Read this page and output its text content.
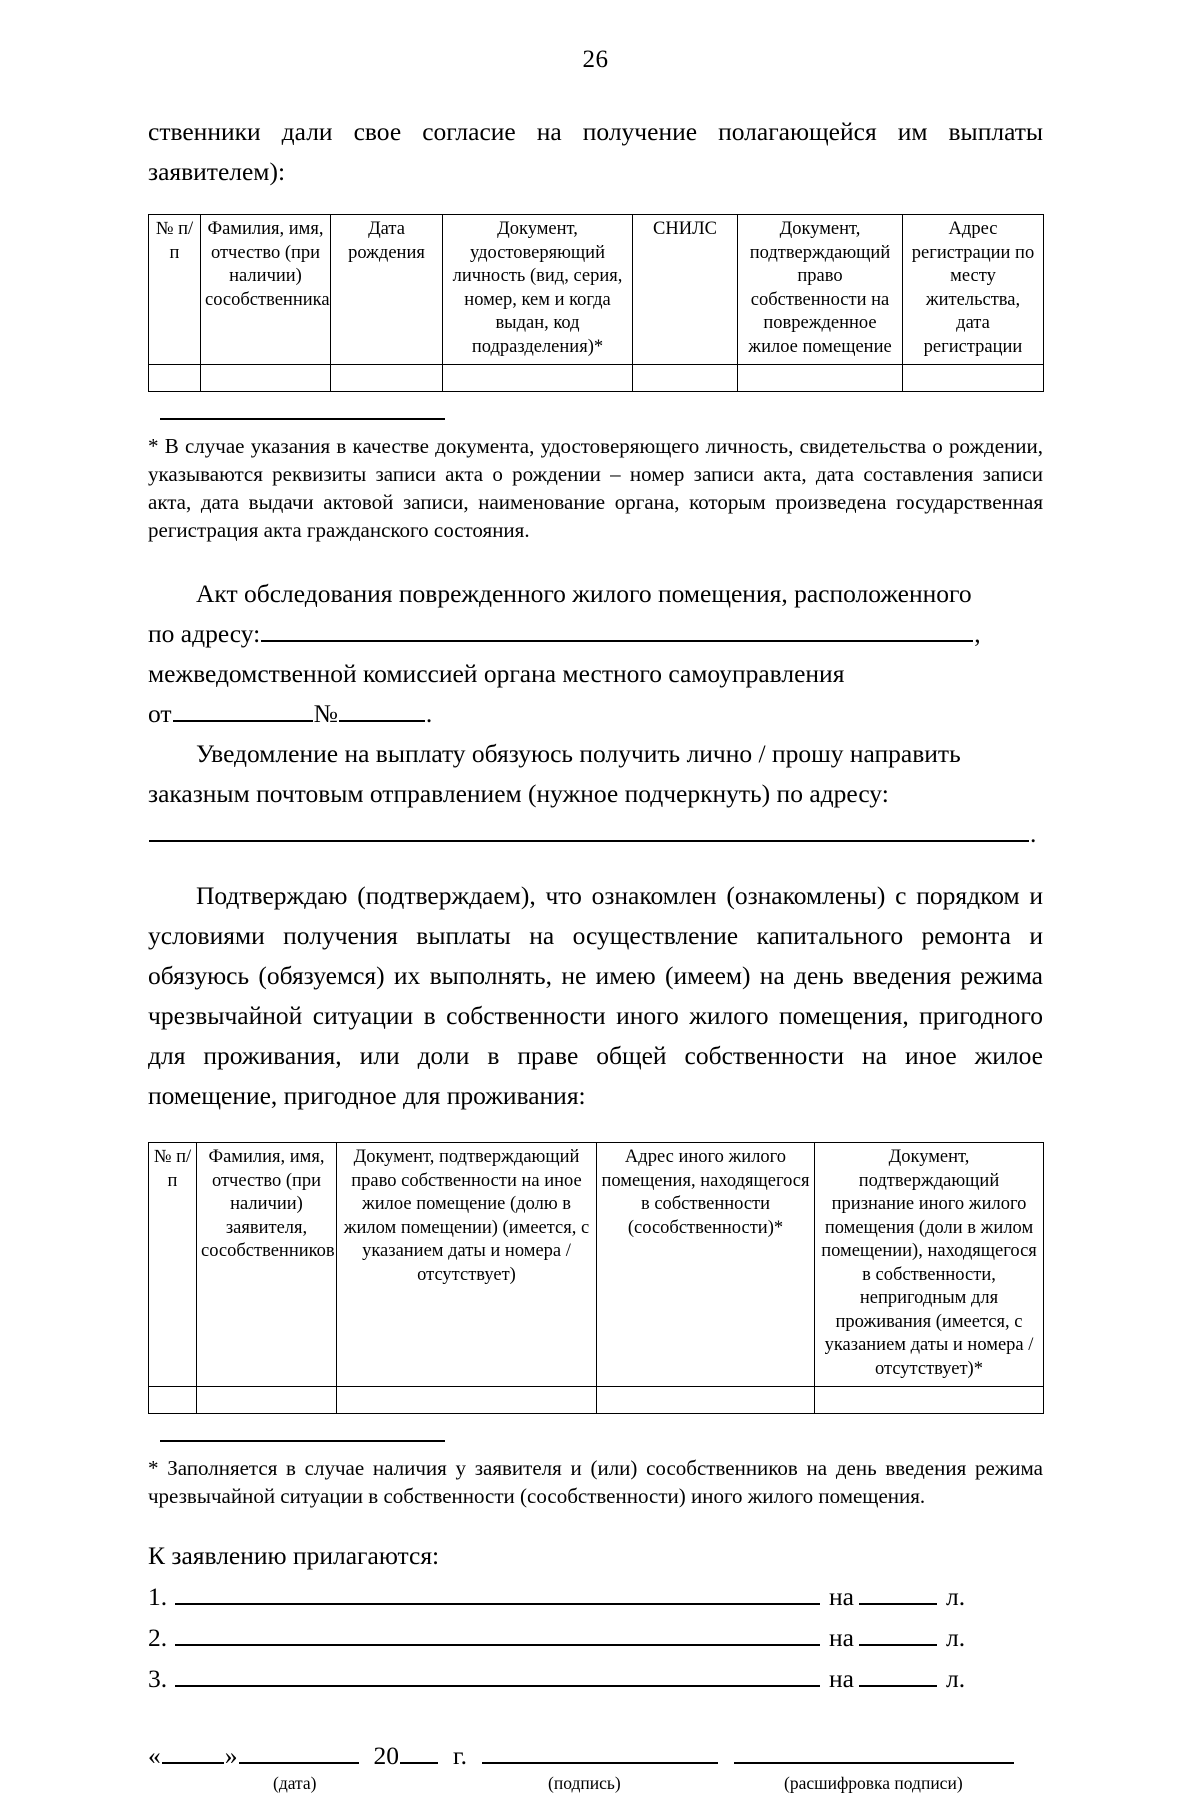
26

ственники дали свое согласие на получение полагающейся им выплаты заявителем):

№ п/п	Фамилия, имя, отчество (при наличии) сособственника	Дата рождения	Документ, удостоверяющий личность (вид, серия, номер, кем и когда выдан, код подразделения)*	СНИЛС	Документ, подтверждающий право собственности на поврежденное жилое помещение	Адрес регистрации по месту жительства, дата регистрации

* В случае указания в качестве документа, удостоверяющего личность, свидетельства о рождении, указываются реквизиты записи акта о рождении – номер записи акта, дата составления записи акта, дата выдачи актовой записи, наименование органа, которым произведена государственная регистрация акта гражданского состояния.

Акт обследования поврежденного жилого помещения, расположенного

по адресу:	,

межведомственной комиссией органа местного самоуправления

от	№	.

Уведомление на выплату обязуюсь получить лично / прошу направить

заказным почтовым отправлением (нужное подчеркнуть) по адресу:

.

Подтверждаю (подтверждаем), что ознакомлен (ознакомлены) с порядком и условиями получения выплаты на осуществление капитального ремонта и обязуюсь (обязуемся) их выполнять, не имею (имеем) на день введения режима чрезвычайной ситуации в собственности иного жилого помещения, пригодного для проживания, или доли в праве общей собственности на иное жилое помещение, пригодное для проживания:

№ п/п	Фамилия, имя, отчество (при наличии) заявителя, сособственников	Документ, подтверждающий право собственности на иное жилое помещение (долю в жилом помещении) (имеется, с указанием даты и номера / отсутствует)	Адрес иного жилого помещения, находящегося в собственности (сособственности)*	Документ, подтверждающий признание иного жилого помещения (доли в жилом помещении), находящегося в собственности, непригодным для проживания (имеется, с указанием даты и номера / отсутствует)*

* Заполняется в случае наличия у заявителя и (или) сособственников на день введения режима чрезвычайной ситуации в собственности (сособственности) иного жилого помещения.

К заявлению прилагаются:
1.	на	л.
2.	на	л.
3.	на	л.
«	»	20 г.
(дата)	(подпись)	(расшифровка подписи)
